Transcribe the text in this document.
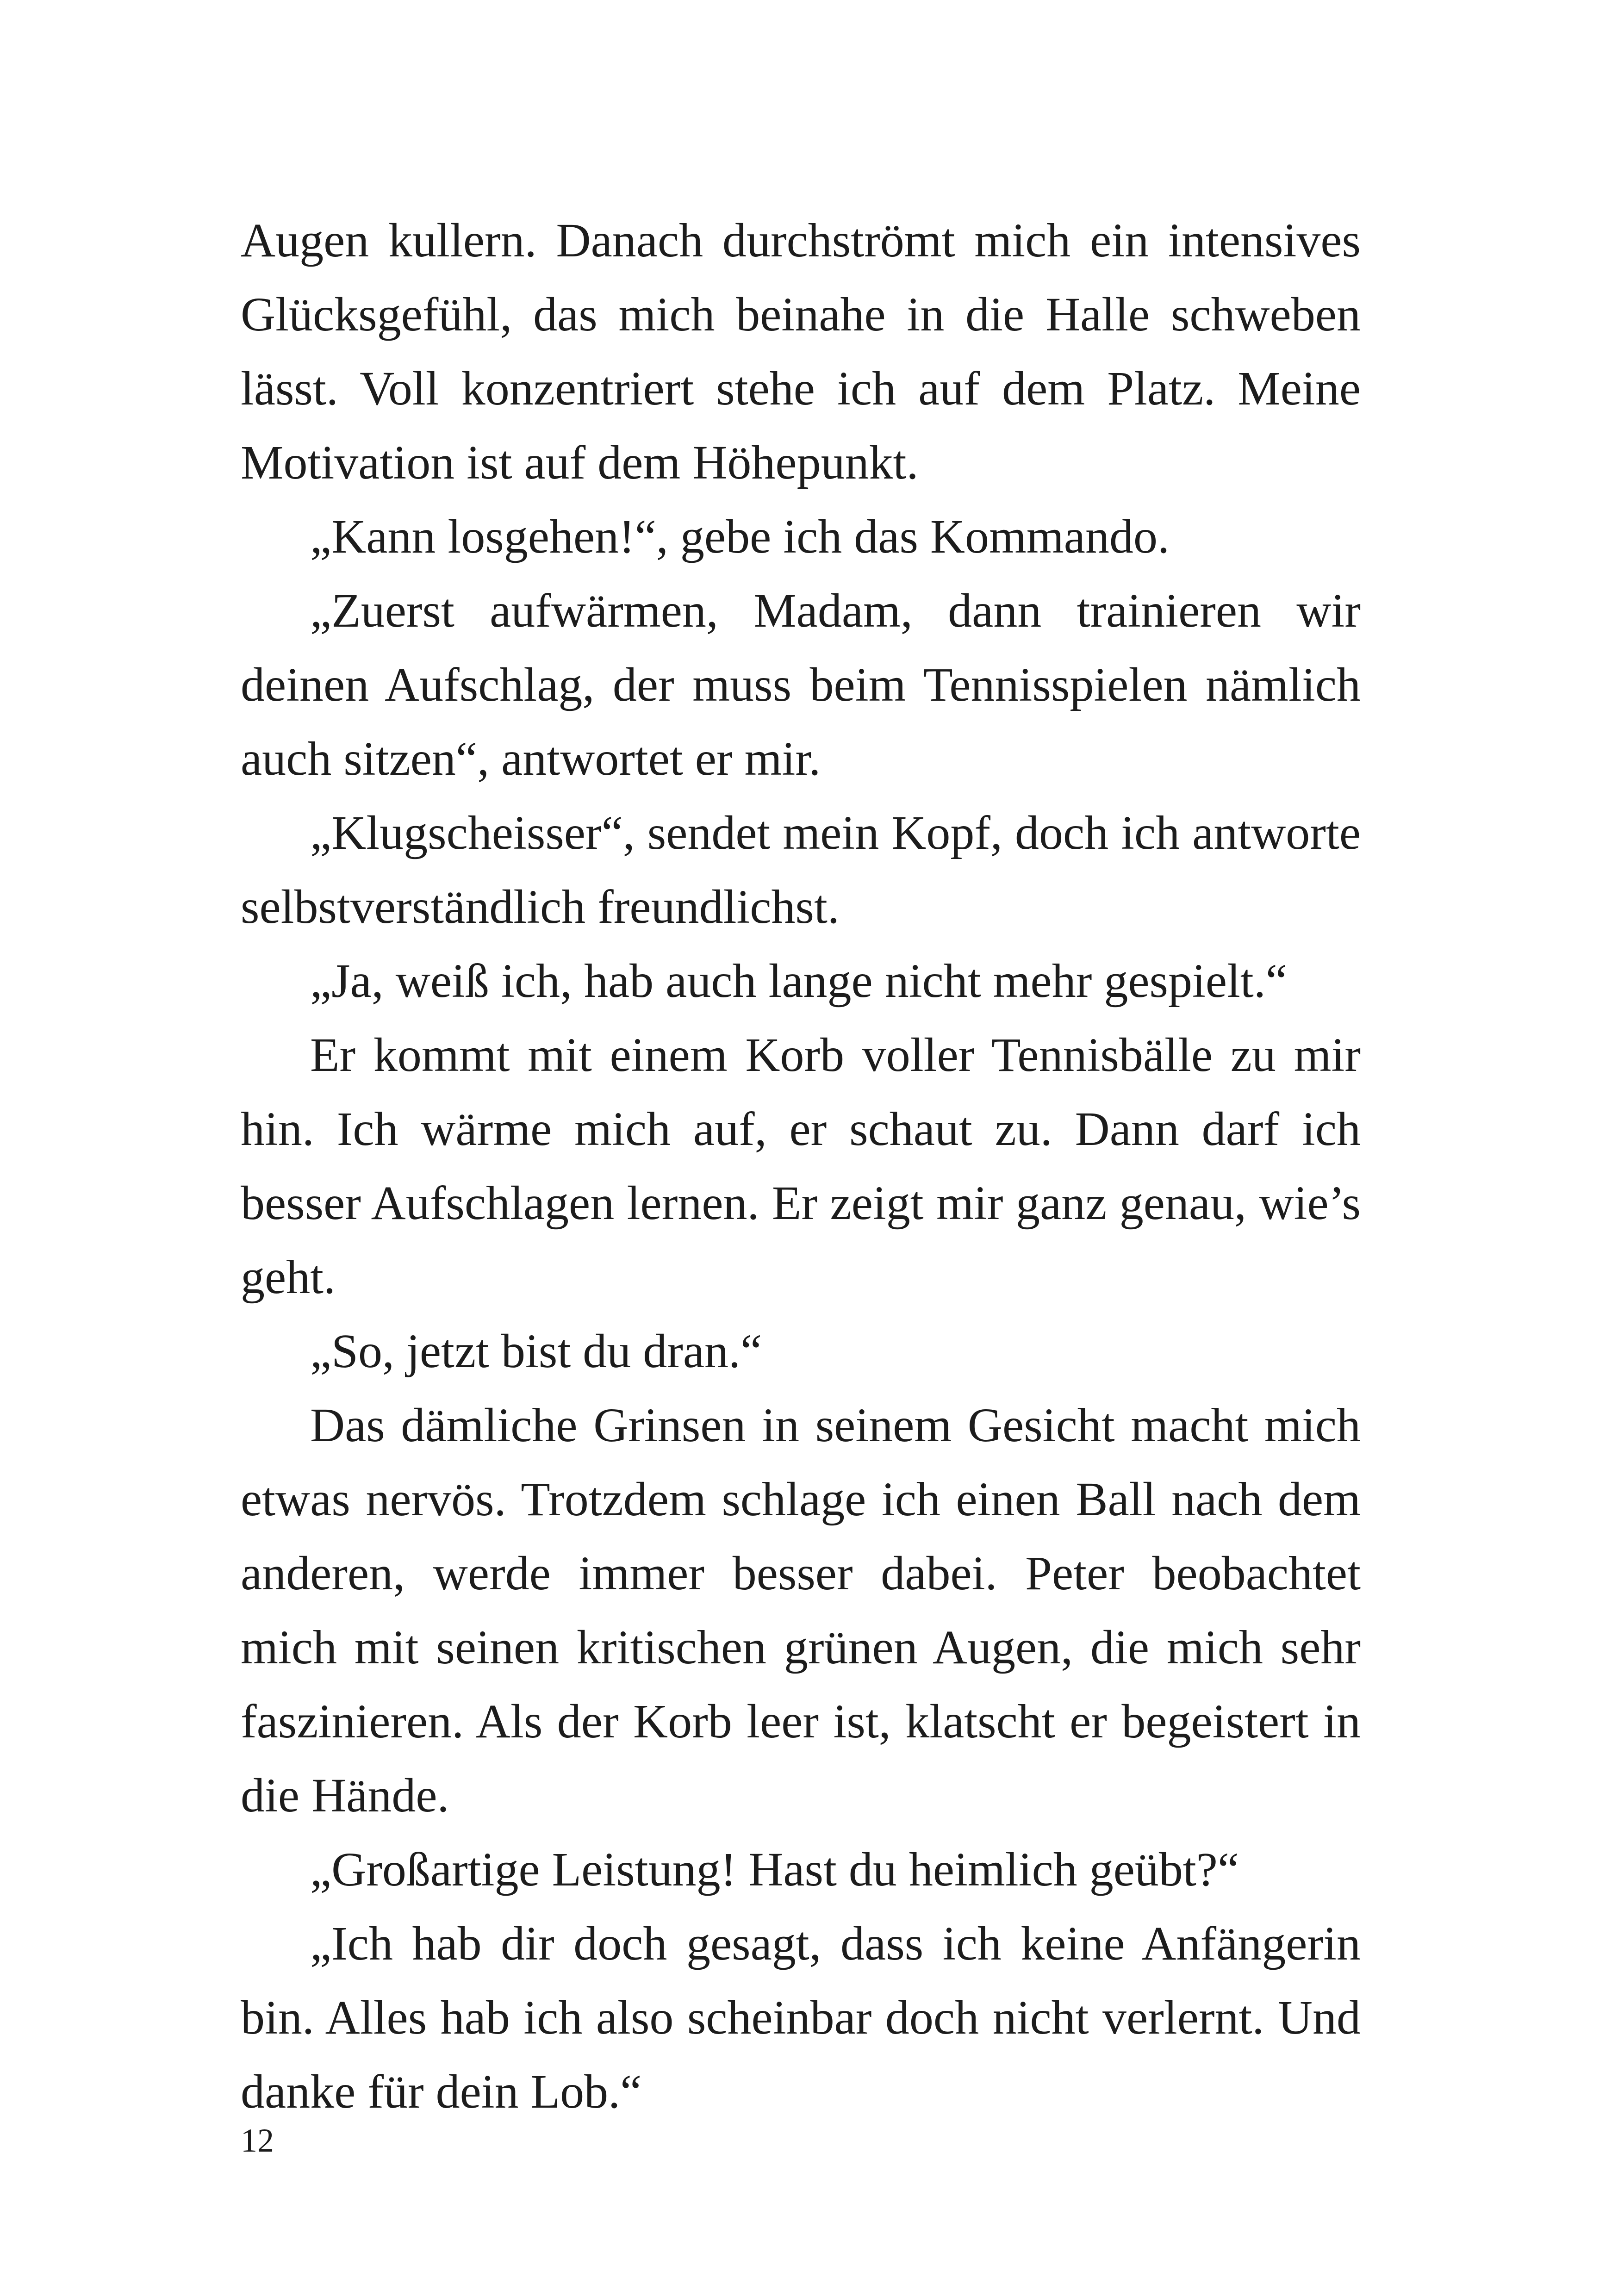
Augen kullern. Danach durchströmt mich ein intensives Glücksgefühl, das mich beinahe in die Halle schweben lässt. Voll konzentriert stehe ich auf dem Platz. Meine Motivation ist auf dem Höhepunkt.

„Kann losgehen!“, gebe ich das Kommando.

„Zuerst aufwärmen, Madam, dann trainieren wir deinen Aufschlag, der muss beim Tennisspielen nämlich auch sitzen“, antwortet er mir.

„Klugscheisser“, sendet mein Kopf, doch ich antworte selbstverständlich freundlichst.

„Ja, weiß ich, hab auch lange nicht mehr gespielt.“

Er kommt mit einem Korb voller Tennisbälle zu mir hin. Ich wärme mich auf, er schaut zu. Dann darf ich besser Aufschlagen lernen. Er zeigt mir ganz genau, wie’s geht.

„So, jetzt bist du dran.“

Das dämliche Grinsen in seinem Gesicht macht mich etwas nervös. Trotzdem schlage ich einen Ball nach dem anderen, werde immer besser dabei. Peter beobachtet mich mit seinen kritischen grünen Augen, die mich sehr faszinieren. Als der Korb leer ist, klatscht er begeistert in die Hände.

„Großartige Leistung! Hast du heimlich geübt?“

„Ich hab dir doch gesagt, dass ich keine Anfängerin bin. Alles hab ich also scheinbar doch nicht verlernt. Und danke für dein Lob.“

12
